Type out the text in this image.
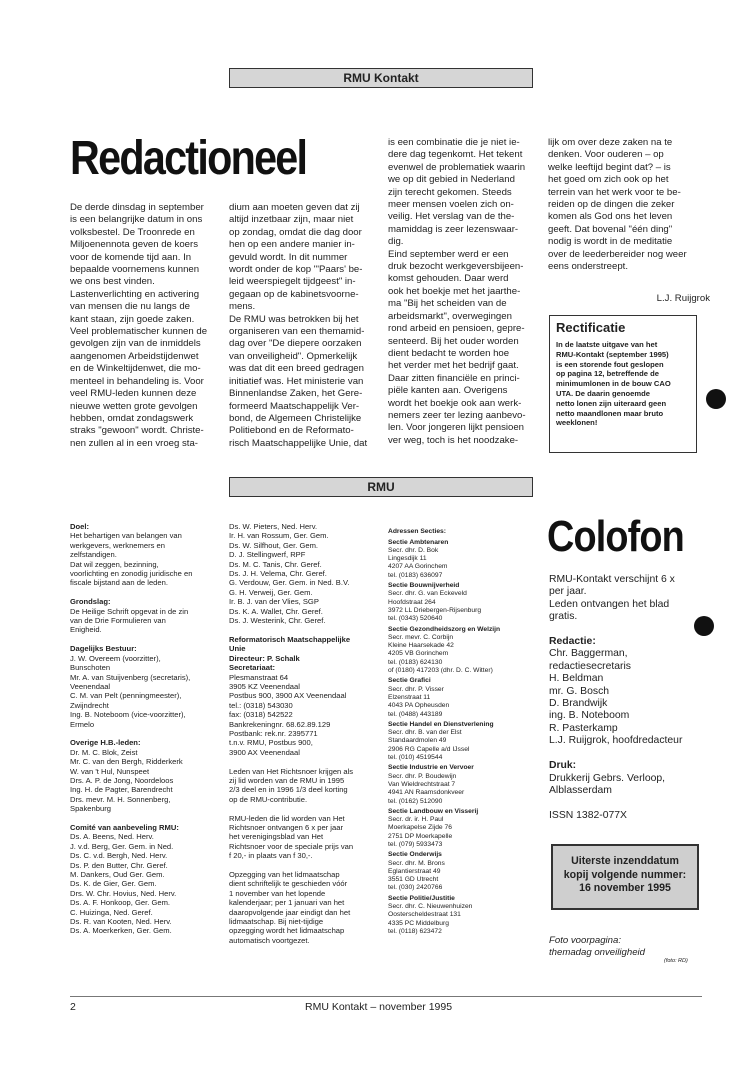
RMU Kontakt
Redactioneel
De derde dinsdag in september
is een belangrijke datum in ons
volksbestel. De Troonrede en
Miljoenennota geven de koers
voor de komende tijd aan. In
bepaalde voornemens kunnen
we ons best vinden.
Lastenverlichting en activering
van mensen die nu langs de
kant staan, zijn goede zaken.
Veel problematischer kunnen de
gevolgen zijn van de inmiddels
aangenomen Arbeidstijdenwet
en de Winkeltijdenwet, die mo-
menteel in behandeling is. Voor
veel RMU-leden kunnen deze
nieuwe wetten grote gevolgen
hebben, omdat zondagswerk
straks "gewoon" wordt. Christe-
nen zullen al in een vroeg sta-
dium aan moeten geven dat zij
altijd inzetbaar zijn, maar niet
op zondag, omdat die dag door
hen op een andere manier in-
gevuld wordt. In dit nummer
wordt onder de kop "'Paars' be-
leid weerspiegelt tijdgeest" in-
gegaan op de kabinetsvoorne-
mens.
De RMU was betrokken bij het
organiseren van een themamid-
dag over "De diepere oorzaken
van onveiligheid". Opmerkelijk
was dat dit een breed gedragen
initiatief was. Het ministerie van
Binnenlandse Zaken, het Gere-
formeerd Maatschappelijk Ver-
bond, de Algemeen Christelijke
Politiebond en de Reformato-
risch Maatschappelijke Unie, dat
is een combinatie die je niet ie-
dere dag tegenkomt. Het tekent
evenwel de problematiek waarin
we op dit gebied in Nederland
zijn terecht gekomen. Steeds
meer mensen voelen zich on-
veilig. Het verslag van de the-
mamiddag is zeer lezenswaar-
dig.
Eind september werd er een
druk bezocht werkgeversbijeen-
komst gehouden. Daar werd
ook het boekje met het jaarthe-
ma "Bij het scheiden van de
arbeidsmarkt", overwegingen
rond arbeid en pensioen, gepre-
senteerd. Bij het ouder worden
dient bedacht te worden hoe
het verder met het bedrijf gaat.
Daar zitten financiële en princi-
piële kanten aan. Overigens
wordt het boekje ook aan werk-
nemers zeer ter lezing aanbevo-
len. Voor jongeren lijkt pensioen
ver weg, toch is het noodzake-
lijk om over deze zaken na te
denken. Voor ouderen – op
welke leeftijd begint dat? – is
het goed om zich ook op het
terrein van het werk voor te be-
reiden op de dingen die zeker
komen als God ons het leven
geeft. Dat bovenal "één ding"
nodig is wordt in de meditatie
over de leederbereider nog weer
eens onderstreept.
L.J. Ruijgrok
Rectificatie
In de laatste uitgave van het
RMU-Kontakt (september 1995)
is een storende fout geslopen
op pagina 12, betreffende de
minimumlonen in de bouw CAO
UTA. De daarin genoemde
netto lonen zijn uiteraard geen
netto maandlonen maar bruto
weeklonen!
RMU
Doel:
Het behartigen van belangen van
werkgevers, werknemers en
zelfstandigen.
Dat wil zeggen, bezinning,
voorlichting en zonodig juridische en
fiscale bijstand aan de leden.

Grondslag:
De Heilige Schrift opgevat in de zin
van de Drie Formulieren van
Enigheid.

Dagelijks Bestuur:
J. W. Overeem (voorzitter),
Bunschoten
Mr. A. van Stuijvenberg (secretaris),
Veenendaal
C. M. van Pelt (penningmeester),
Zwijndrecht
Ing. B. Noteboom (vice-voorzitter),
Ermelo

Overige H.B.-leden:
Dr. M. C. Blok, Zeist
Mr. C. van den Bergh, Ridderkerk
W. van 't Hul, Nunspeet
Drs. A. P. de Jong, Noordeloos
Ing. H. de Pagter, Barendrecht
Drs. mevr. M. H. Sonnenberg,
Spakenburg

Comité van aanbeveling RMU:
Ds. A. Beens, Ned. Herv.
J. v.d. Berg, Ger. Gem. in Ned.
Ds. C. v.d. Bergh, Ned. Herv.
Ds. P. den Butter, Chr. Geref.
M. Dankers, Oud Ger. Gem.
Ds. K. de Gier, Ger. Gem.
Drs. W. Chr. Hovius, Ned. Herv.
Ds. A. F. Honkoop, Ger. Gem.
C. Huizinga, Ned. Geref.
Ds. R. van Kooten, Ned. Herv.
Ds. A. Moerkerken, Ger. Gem.
Ds. W. Pieters, Ned. Herv.
Ir. H. van Rossum, Ger. Gem.
Ds. W. Silfhout, Ger. Gem.
D. J. Stellingwerf, RPF
Ds. M. C. Tanis, Chr. Geref.
Ds. J. H. Velema, Chr. Geref.
G. Verdouw, Ger. Gem. in Ned. B.V.
G. H. Verweij, Ger. Gem.
Ir. B. J. van der Vlies, SGP
Ds. K. A. Wallet, Chr. Geref.
Ds. J. Westerink, Chr. Geref.

Reformatorisch Maatschappelijke
Unie
Directeur: P. Schalk
Secretariaat:
Plesmanstraat 64
3905 KZ Veenendaal
Postbus 900, 3900 AX Veenendaal
tel.: (0318) 543030
fax: (0318) 542522
Bankrekeningnr. 68.62.89.129
Postbank: rek.nr. 2395771
t.n.v. RMU, Postbus 900,
3900 AX Veenendaal

Leden van Het Richtsnoer krijgen als
zij lid worden van de RMU in 1995
2/3 deel en in 1996 1/3 deel korting
op de RMU-contributie.

RMU-leden die lid worden van Het
Richtsnoer ontvangen 6 x per jaar
het verenigingsblad van Het
Richtsnoer voor de speciale prijs van
f 20,- in plaats van f 30,-.

Opzegging van het lidmaatschap
dient schriftelijk te geschieden vóór
1 november van het lopende
kalenderjaar; per 1 januari van het
daaropvolgende jaar eindigt dan het
lidmaatschap. Bij niet-tijdige
opzegging wordt het lidmaatschap
automatisch voortgezet.

Adressen Secties:

Sectie Ambtenaren
Secr. dhr. D. Bok
Lingesdijk 11
4207 AA Gorinchem
tel. (0183) 636097
Sectie Bouwnijverheid
Secr. dhr. G. van Eckeveld
Hoofdstraat 264
3972 LL Driebergen-Rijsenburg
tel. (0343) 520640
Sectie Gezondheidszorg en Welzijn
Secr. mevr. C. Corbijn
Kleine Haarsekade 42
4205 VB Gorinchem
tel. (0183) 624130
of (0180) 417203 (dhr. D. C. Witter)
Sectie Grafici
Secr. dhr. P. Visser
Elzenstraat 11
4043 PA Opheusden
tel. (0488) 443189
Sectie Handel en Dienstverlening
Secr. dhr. B. van der Elst
Standaardmolen 49
2906 RG Capelle a/d IJssel
tel. (010) 4519544
Sectie Industrie en Vervoer
Secr. dhr. P. Boudewijn
Van Wieldrechtstraat 7
4941 AN Raamsdonkveer
tel. (0162) 512090
Sectie Landbouw en Visserij
Secr. dr. ir. H. Paul
Moerkapelse Zijde 76
2751 DP Moerkapelle
tel. (079) 5933473
Sectie Onderwijs
Secr. dhr. M. Brons
Eglantierstraat 49
3551 GD Utrecht
tel. (030) 2420766
Sectie Politie/Justitie
Secr. dhr. C. Nieuwenhuizen
Oosterscheldestraat 131
4335 PC Middelburg
tel. (0118) 623472

Colofon
RMU-Kontakt verschijnt 6 x
per jaar.
Leden ontvangen het blad
gratis.

Redactie:
Chr. Baggerman,
redactiesecretaris
H. Beldman
mr. G. Bosch
D. Brandwijk
ing. B. Noteboom
R. Pasterkamp
L.J. Ruijgrok, hoofdredacteur

Druk:
Drukkerij Gebrs. Verloop,
Alblasserdam

ISSN 1382-077X
Uiterste inzenddatum
kopij volgende nummer:
16 november 1995
Foto voorpagina:
themadag onveiligheid
(foto: RD)
2	RMU Kontakt – november 1995
